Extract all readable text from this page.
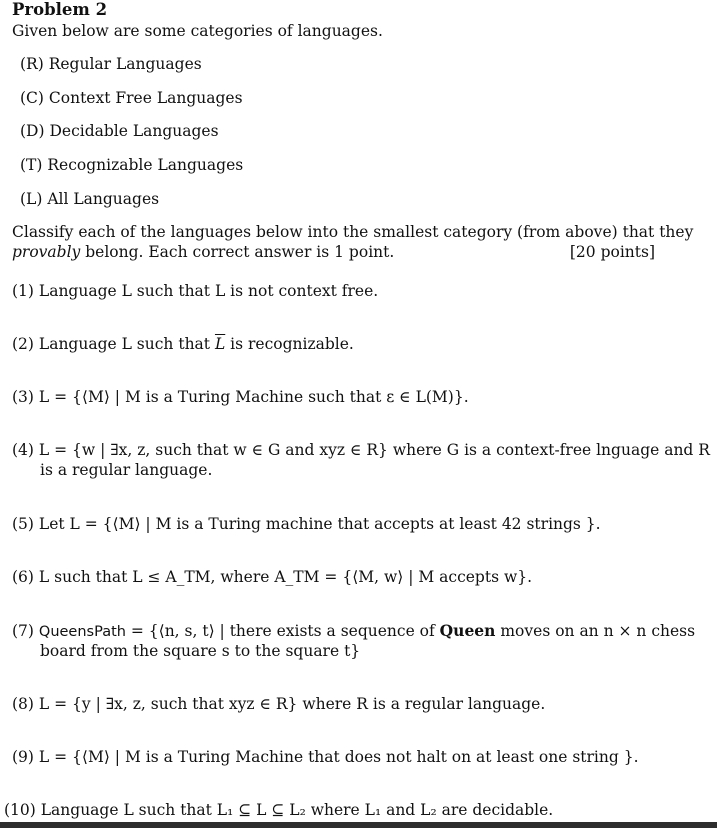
Problem 2
Given below are some categories of languages.
(R) Regular Languages
(C) Context Free Languages
(D) Decidable Languages
(T) Recognizable Languages
(L) All Languages
Classify each of the languages below into the smallest category (from above) that they
provably belong. Each correct answer is 1 point.	[20 points]
(1) Language L such that L is not context free.
(2) Language L such that $\overline{L}$ is recognizable.
(3) L = {⟨M⟩ | M is a Turing Machine such that ε ∈ L(M)}.
(4) L = {w | ∃x, z, such that w ∈ G and xyz ∈ R} where G is a context-free lnguage and R
is a regular language.
(5) Let L = {⟨M⟩ | M is a Turing machine that accepts at least 42 strings }.
(6) L such that L ≤ A_TM, where A_TM = {⟨M, w⟩ | M accepts w}.
(7) QueensPath = {⟨n, s, t⟩ | there exists a sequence of Queen moves on an n × n chess
board from the square s to the square t}
(8) L = {y | ∃x, z, such that xyz ∈ R} where R is a regular language.
(9) L = {⟨M⟩ | M is a Turing Machine that does not halt on at least one string }.
(10) Language L such that L₁ ⊆ L ⊆ L₂ where L₁ and L₂ are decidable.
